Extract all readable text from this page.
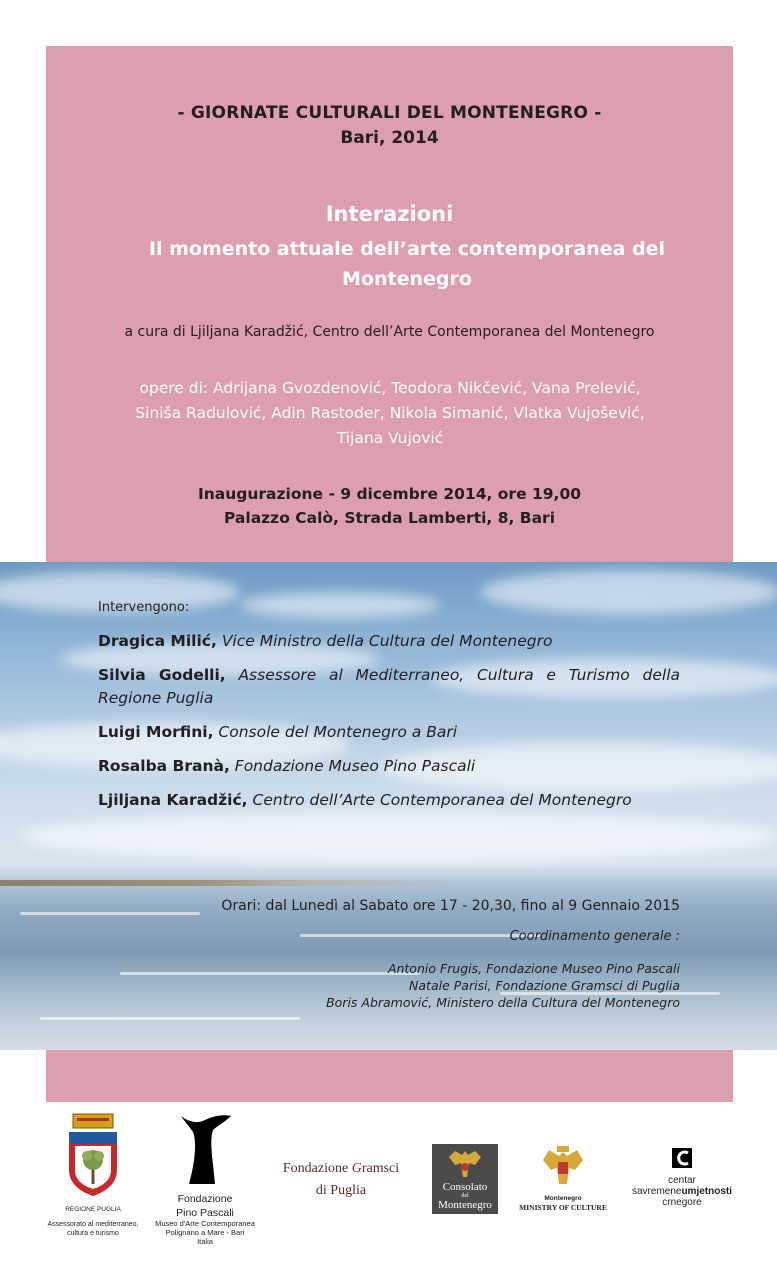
- GIORNATE CULTURALI DEL MONTENEGRO -
Bari, 2014
Interazioni
Il momento attuale dell’arte contemporanea del
Montenegro
a cura di Ljiljana Karadžić, Centro dell’Arte Contemporanea del Montenegro
opere di: Adrijana Gvozdenović, Teodora Nikčević, Vana Prelević,
Siniša Radulović, Adin Rastoder, Nikola Simanić, Vlatka Vujošević,
Tijana Vujović
Inaugurazione - 9 dicembre 2014, ore 19,00
Palazzo Calò, Strada Lamberti, 8, Bari
Intervengono:

Dragica Milić, Vice Ministro della Cultura del Montenegro

Silvia Godelli, Assessore al Mediterraneo, Cultura e Turismo della Regione Puglia

Luigi Morfini, Console del Montenegro a Bari

Rosalba Branà, Fondazione Museo Pino Pascali

Ljiljana Karadžić, Centro dell’Arte Contemporanea del Montenegro

Orari: dal Lunedì al Sabato ore 17 - 20,30, fino al 9 Gennaio 2015
Coordinamento generale :
Antonio Frugis, Fondazione Museo Pino Pascali
Natale Parisi, Fondazione Gramsci di Puglia
Boris Abramović, Ministero della Cultura del Montenegro
REGIONE PUGLIA
Assessorato al mediterraneo,
cultura e turismo
Fondazione
Pino Pascali
Museo d'Arte Contemporanea
Polignano a Mare - Bari
Italia
Fondazione Gramsci
di Puglia	Consolato
del
Montenegro
Montenegro
MINISTRY OF CULTURE
centar
savremeneumjetnosti
crnegore
